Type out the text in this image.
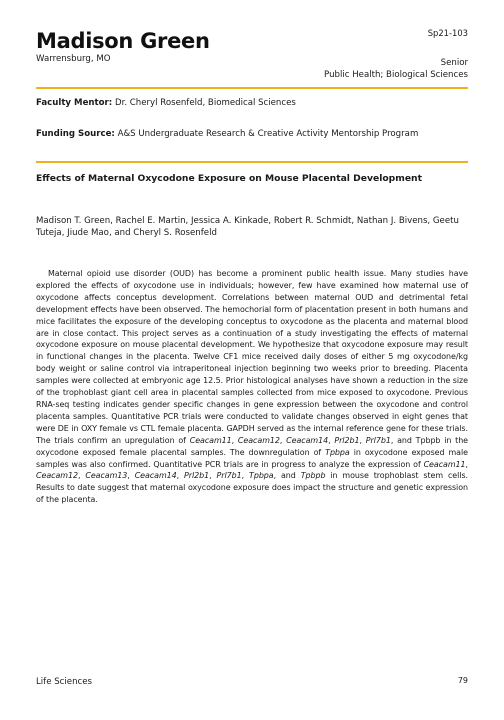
Madison Green
Warrensburg, MO
Sp21-103
Senior
Public Health; Biological Sciences
Faculty Mentor: Dr. Cheryl Rosenfeld, Biomedical Sciences
Funding Source: A&S Undergraduate Research & Creative Activity Mentorship Program
Effects of Maternal Oxycodone Exposure on Mouse Placental Development
Madison T. Green, Rachel E. Martin, Jessica A. Kinkade, Robert R. Schmidt, Nathan J. Bivens, Geetu Tuteja, Jiude Mao, and Cheryl S. Rosenfeld

Maternal opioid use disorder (OUD) has become a prominent public health issue. Many studies have explored the effects of oxycodone use in individuals; however, few have examined how maternal use of oxycodone affects conceptus development. Correlations between maternal OUD and detrimental fetal development effects have been observed. The hemochorial form of placentation present in both humans and mice facilitates the exposure of the developing conceptus to oxycodone as the placenta and maternal blood are in close contact. This project serves as a continuation of a study investigating the effects of maternal oxycodone exposure on mouse placental development. We hypothesize that oxycodone exposure may result in functional changes in the placenta. Twelve CF1 mice received daily doses of either 5 mg oxycodone/kg body weight or saline control via intraperitoneal injection beginning two weeks prior to breeding. Placenta samples were collected at embryonic age 12.5. Prior histological analyses have shown a reduction in the size of the trophoblast giant cell area in placental samples collected from mice exposed to oxycodone. Previous RNA-seq testing indicates gender specific changes in gene expression between the oxycodone and control placenta samples. Quantitative PCR trials were conducted to validate changes observed in eight genes that were DE in OXY female vs CTL female placenta. GAPDH served as the internal reference gene for these trials. The trials confirm an upregulation of Ceacam11, Ceacam12, Ceacam14, Prl2b1, Prl7b1, and Tpbpb in the oxycodone exposed female placental samples. The downregulation of Tpbpa in oxycodone exposed male samples was also confirmed. Quantitative PCR trials are in progress to analyze the expression of Ceacam11, Ceacam12, Ceacam13, Ceacam14, Prl2b1, Prl7b1, Tpbpa, and Tpbpb in mouse trophoblast stem cells. Results to date suggest that maternal oxycodone exposure does impact the structure and genetic expression of the placenta.

Life Sciences	79
